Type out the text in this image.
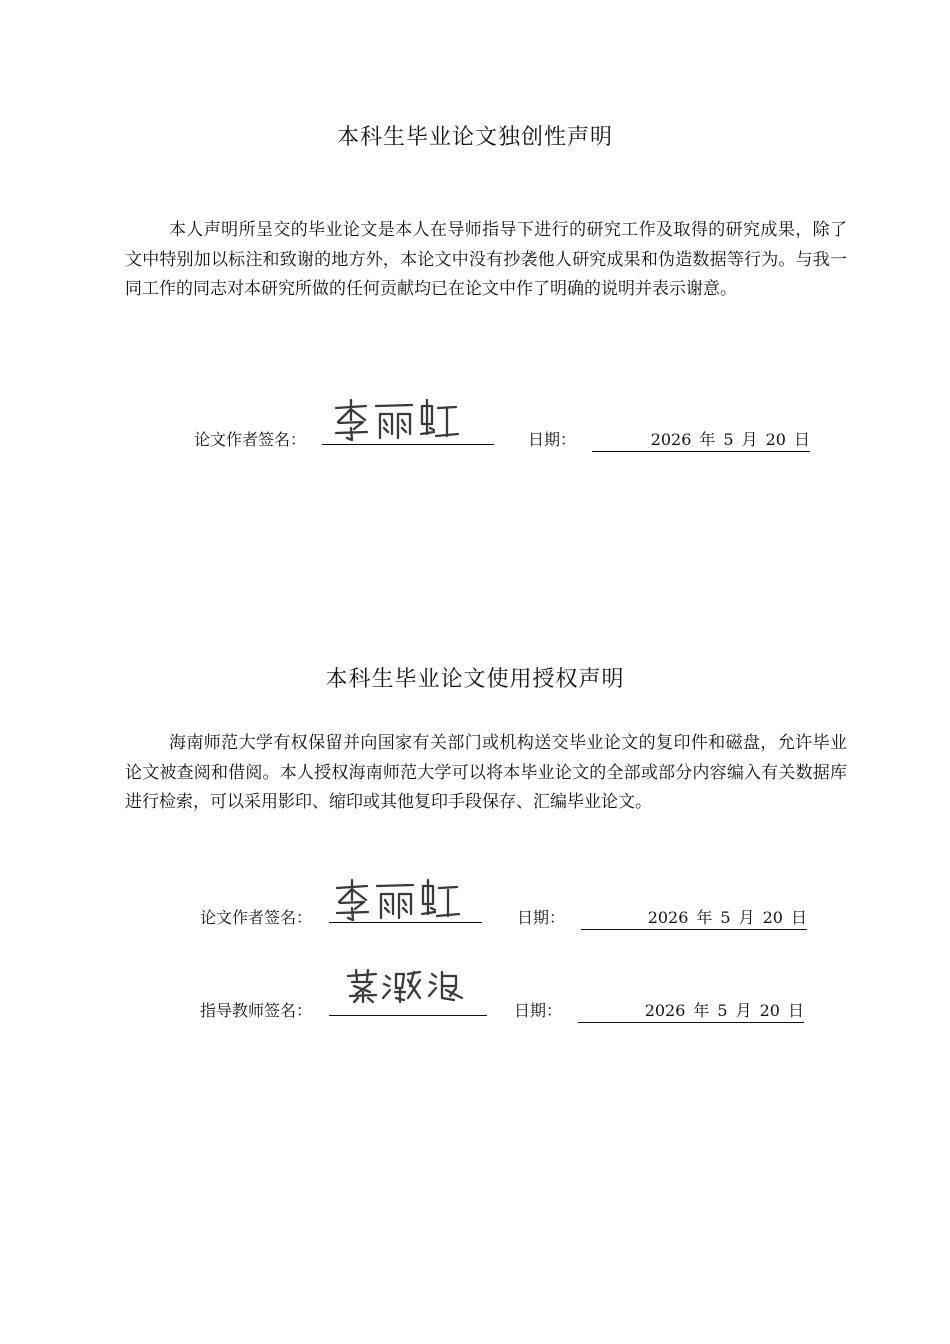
本科生毕业论文独创性声明
本人声明所呈交的毕业论文是本人在导师指导下进行的研究工作及取得的研究成果，除了文中特别加以标注和致谢的地方外，本论文中没有抄袭他人研究成果和伪造数据等行为。与我一同工作的同志对本研究所做的任何贡献均已在论文中作了明确的说明并表示谢意。
论文作者签名：	日期：	2026 年 5 月 20 日
本科生毕业论文使用授权声明
海南师范大学有权保留并向国家有关部门或机构送交毕业论文的复印件和磁盘，允许毕业论文被查阅和借阅。本人授权海南师范大学可以将本毕业论文的全部或部分内容编入有关数据库进行检索，可以采用影印、缩印或其他复印手段保存、汇编毕业论文。
论文作者签名：	日期：	2026 年 5 月 20 日
指导教师签名：	日期：	2026 年 5 月 20 日
